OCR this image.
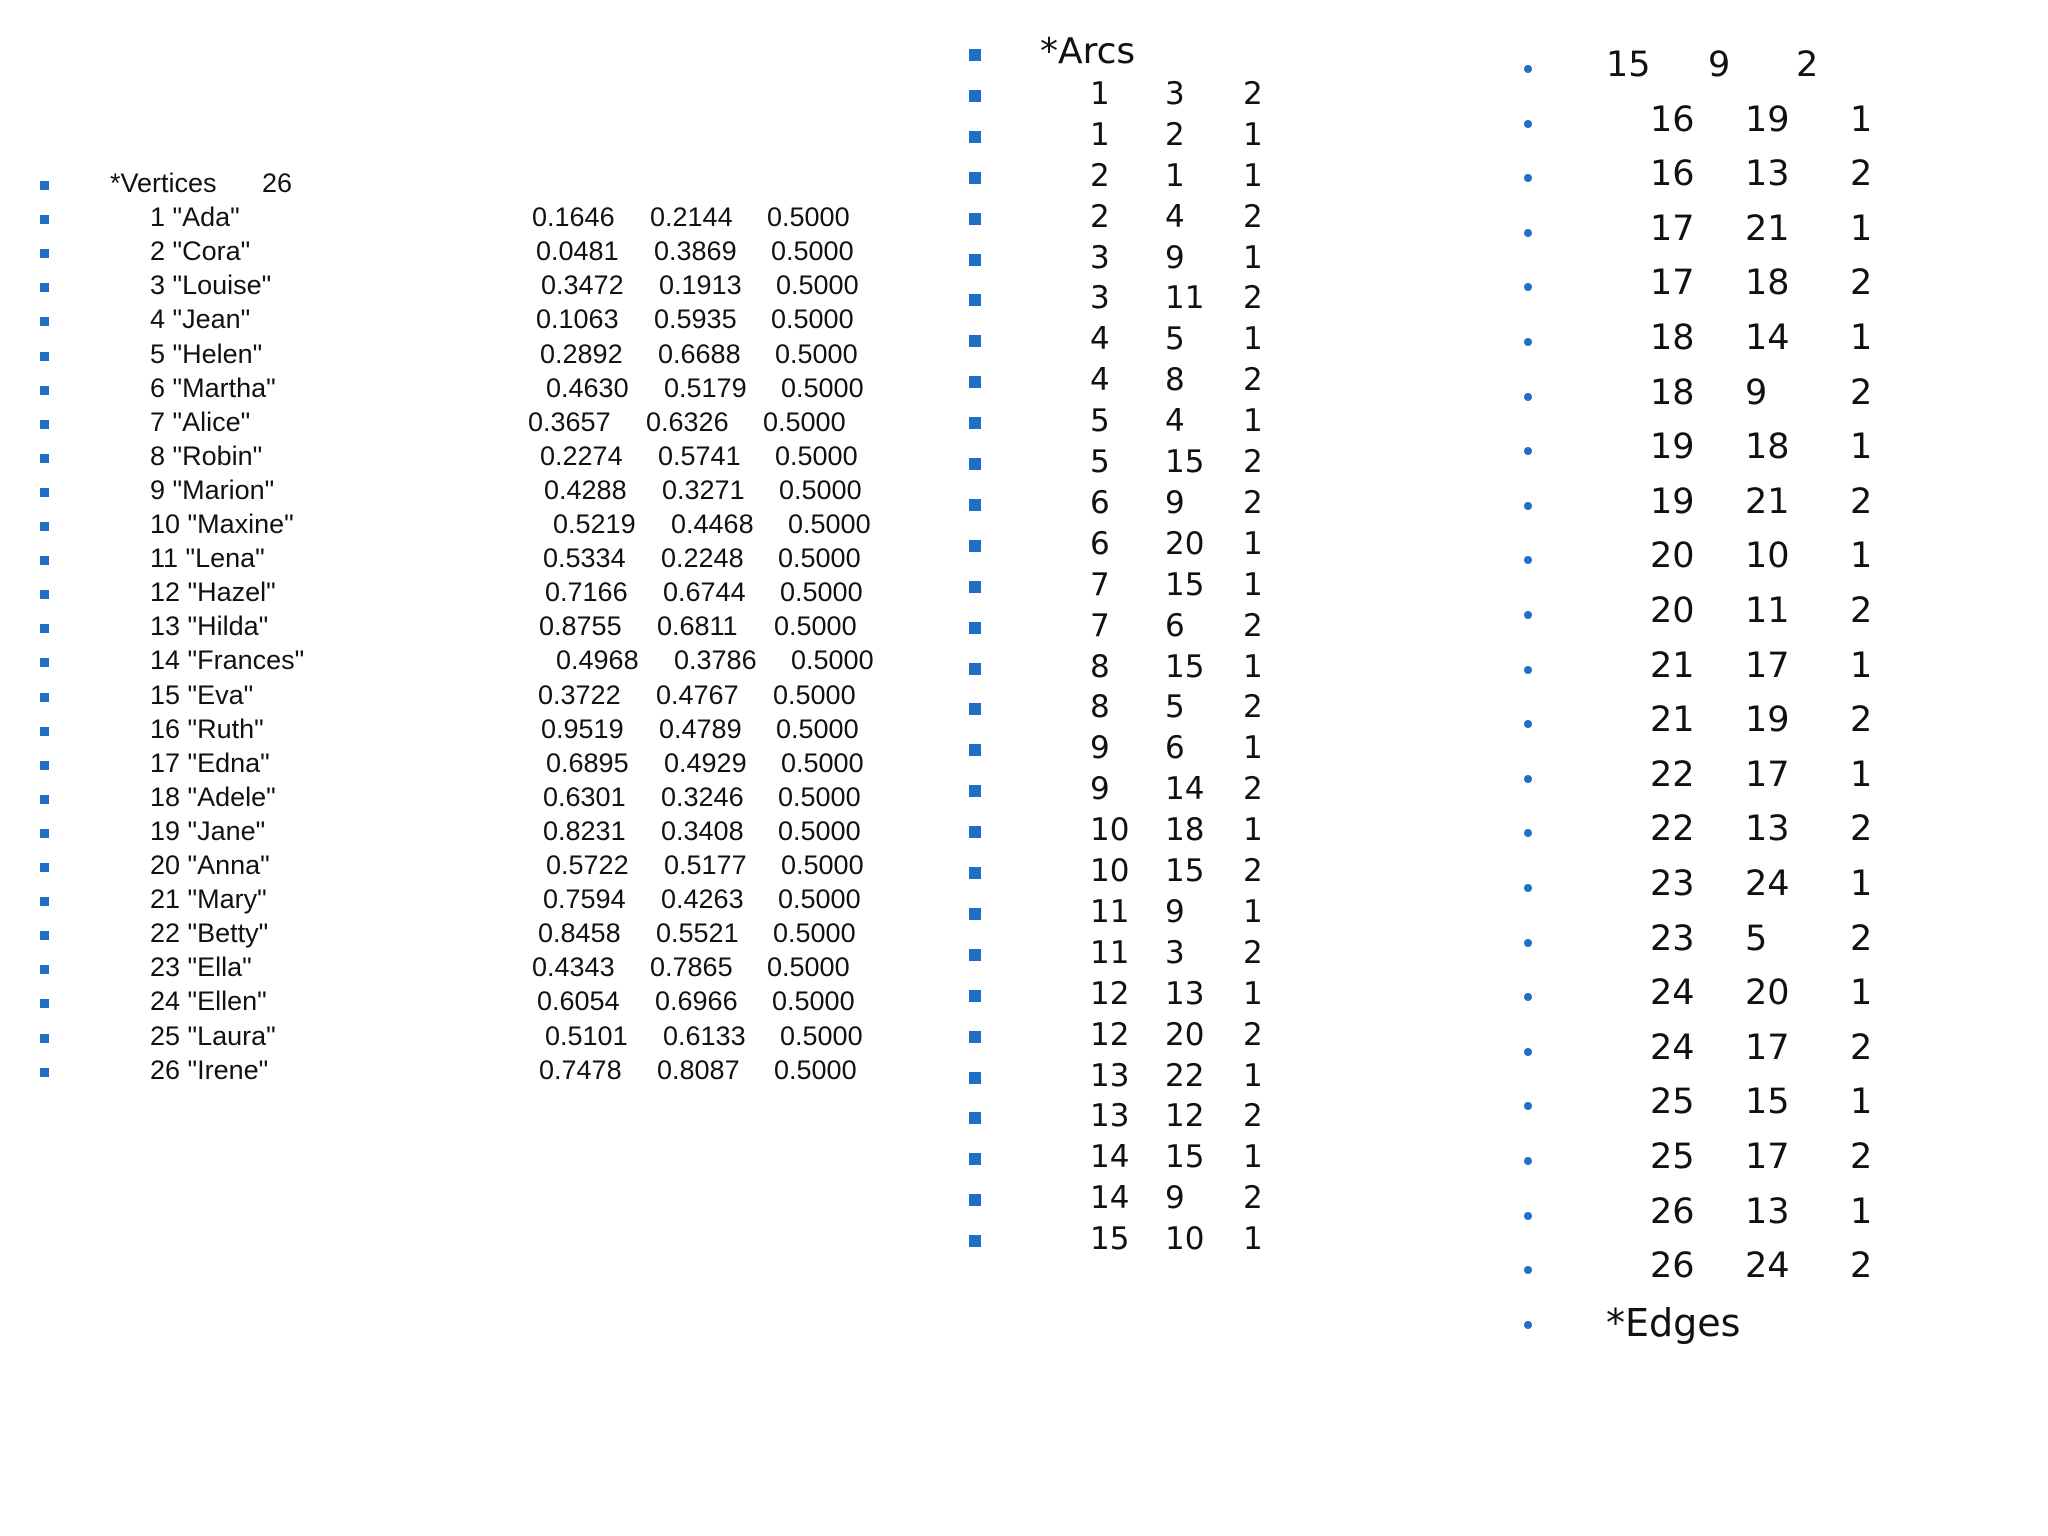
*Vertices 26
1 "Ada"	0.1646 0.2144 0.5000
2 "Cora"	0.0481 0.3869 0.5000
3 "Louise"	0.3472 0.1913 0.5000
4 "Jean"	0.1063 0.5935 0.5000
5 "Helen"	0.2892 0.6688 0.5000
6 "Martha"	0.4630 0.5179 0.5000
7 "Alice"	0.3657 0.6326 0.5000
8 "Robin"	0.2274 0.5741 0.5000
9 "Marion"	0.4288 0.3271 0.5000
10 "Maxine"	0.5219 0.4468 0.5000
11 "Lena"	0.5334 0.2248 0.5000
12 "Hazel"	0.7166 0.6744 0.5000
13 "Hilda"	0.8755 0.6811 0.5000
14 "Frances"	0.4968 0.3786 0.5000
15 "Eva"	0.3722 0.4767 0.5000
16 "Ruth"	0.9519 0.4789 0.5000
17 "Edna"	0.6895 0.4929 0.5000
18 "Adele"	0.6301 0.3246 0.5000
19 "Jane"	0.8231 0.3408 0.5000
20 "Anna"	0.5722 0.5177 0.5000
21 "Mary"	0.7594 0.4263 0.5000
22 "Betty"	0.8458 0.5521 0.5000
23 "Ella"	0.4343 0.7865 0.5000
24 "Ellen"	0.6054 0.6966 0.5000
25 "Laura"	0.5101 0.6133 0.5000
26 "Irene"	0.7478 0.8087 0.5000
*Arcs
1 3 2
1 2 1
2 1 1
2 4 2
3 9 1
3 11 2
4 5 1
4 8 2
5 4 1
5 15 2
6 9 2
6 20 1
7 15 1
7 6 2
8 15 1
8 5 2
9 6 1
9 14 2
10 18 1
10 15 2
11 9 1
11 3 2
12 13 1
12 20 2
13 22 1
13 12 2
14 15 1
14 9 2
15 10 1
15 9 2
16 19 1
16 13 2
17 21 1
17 18 2
18 14 1
18 9 2
19 18 1
19 21 2
20 10 1
20 11 2
21 17 1
21 19 2
22 17 1
22 13 2
23 24 1
23 5 2
24 20 1
24 17 2
25 15 1
25 17 2
26 13 1
26 24 2
*Edges
